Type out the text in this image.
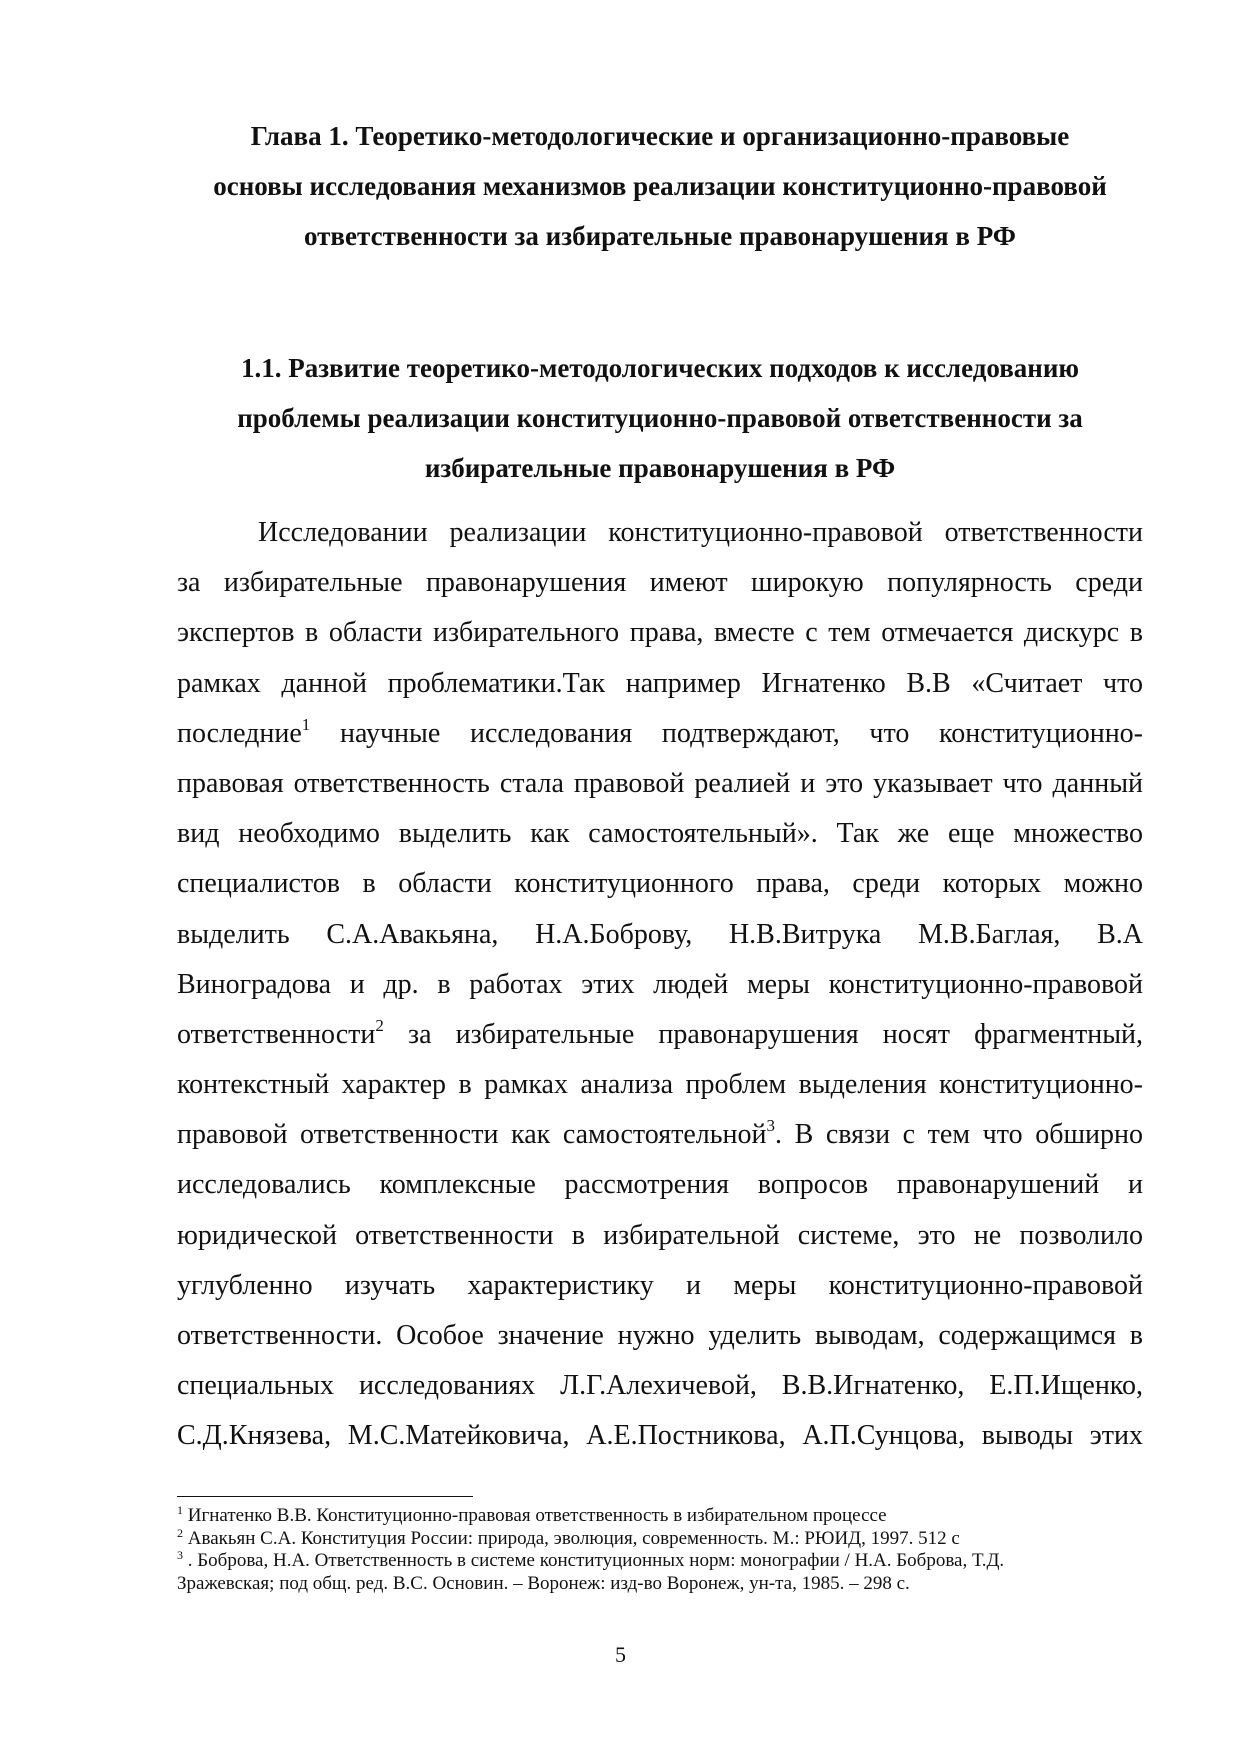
Глава 1. Теоретико-методологические и организационно-правовые
основы исследования механизмов реализации конституционно-правовой
ответственности за избирательные правонарушения в РФ
1.1. Развитие теоретико-методологических подходов к исследованию
проблемы реализации конституционно-правовой ответственности за
избирательные правонарушения в РФ
Исследовании реализации конституционно-правовой ответственности
за избирательные правонарушения имеют широкую популярность среди
экспертов в области избирательного права, вместе с тем отмечается дискурс в
рамках данной проблематики.Так например Игнатенко В.В «Считает что
последние$^1$ научные исследования подтверждают, что конституционно-
правовая ответственность стала правовой реалией и это указывает что данный
вид необходимо выделить как самостоятельный». Так же еще множество
специалистов в области конституционного права, среди которых можно
выделить С.А.Авакьяна, Н.А.Боброву, Н.В.Витрука М.В.Баглая, В.А
Виноградова и др. в работах этих людей меры конституционно-правовой
ответственности$^2$ за избирательные правонарушения носят фрагментный,
контекстный характер в рамках анализа проблем выделения конституционно-
правовой ответственности как самостоятельной$^3$. В связи с тем что обширно
исследовались комплексные рассмотрения вопросов правонарушений и
юридической ответственности в избирательной системе, это не позволило
углубленно изучать характеристику и меры конституционно-правовой
ответственности. Особое значение нужно уделить выводам, содержащимся в
специальных исследованиях Л.Г.Алехичевой, В.В.Игнатенко, Е.П.Ищенко,
С.Д.Князева, М.С.Матейковича, А.Е.Постникова, А.П.Сунцова, выводы этих
$^1$ Игнатенко В.В. Конституционно-правовая ответственность в избирательном процессе
$^2$ Авакьян С.А. Конституция России: природа, эволюция, современность. М.: РЮИД, 1997. 512 с
$^3$ . Боброва, Н.А. Ответственность в системе конституционных норм: монографии / Н.А. Боброва, Т.Д.
Зражевская; под общ. ред. В.С. Основин. – Воронеж: изд-во Воронеж, ун-та, 1985. – 298 с.
5
